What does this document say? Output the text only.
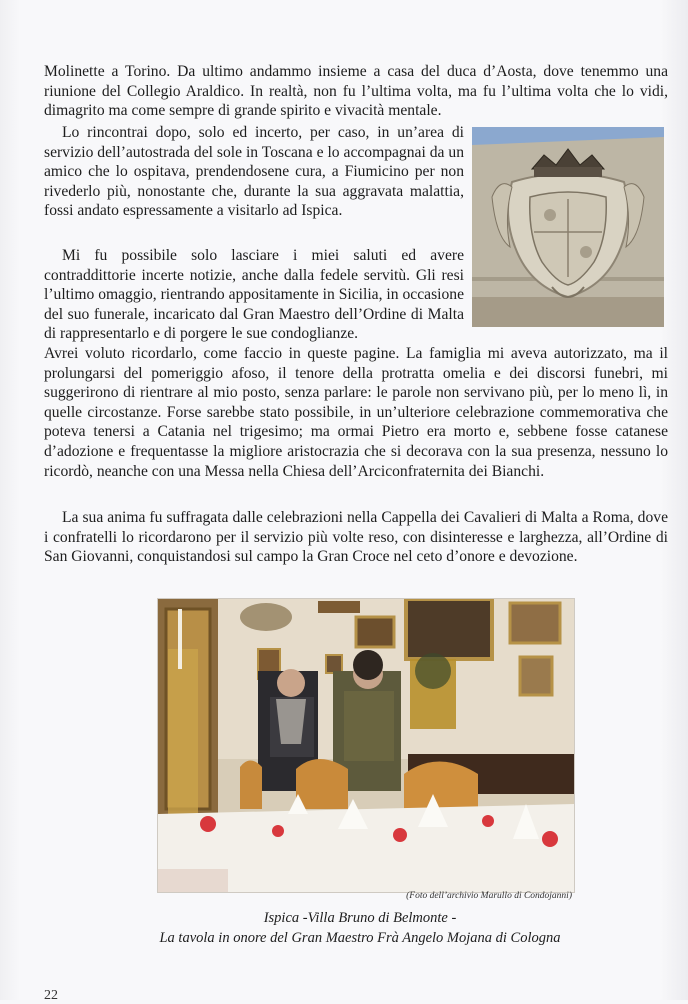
Molinette a Torino. Da ultimo andammo insieme a casa del duca d’Aosta, dove tenemmo una riunione del Collegio Araldico. In realtà, non fu l’ultima volta, ma fu l’ultima volta che lo vidi, dimagrito ma come sempre di grande spirito e vivacità mentale.

Lo rincontrai dopo, solo ed incerto, per caso, in un’area di servizio dell’autostrada del sole in Toscana e lo accompagnai da un amico che lo ospitava, prendendosene cura, a Fiumicino per non rivederlo più, nonostante che, durante la sua aggravata malattia, fossi andato espressamente a visitarlo ad Ispica.

Mi fu possibile solo lasciare i miei saluti ed avere contraddittorie incerte notizie, anche dalla fedele servitù. Gli resi l’ultimo omaggio, rientrando appositamente in Sicilia, in occasione del suo funerale, incaricato dal Gran Maestro dell’Ordine di Malta di rappresentarlo e di porgere le sue condoglianze.

Avrei voluto ricordarlo, come faccio in queste pagine. La famiglia mi aveva autorizzato, ma il prolungarsi del pomeriggio afoso, il tenore della protratta omelia e dei discorsi funebri, mi suggerirono di rientrare al mio posto, senza parlare: le parole non servivano più, per lo meno lì, in quelle circostanze. Forse sarebbe stato possibile, in un’ulteriore celebrazione commemorativa che poteva tenersi a Catania nel trigesimo; ma ormai Pietro era morto e, sebbene fosse catanese d’adozione e frequentasse la migliore aristocrazia che si decorava con la sua presenza, nessuno lo ricordò, neanche con una Messa nella Chiesa dell’Arciconfraternita dei Bianchi.

La sua anima fu suffragata dalle celebrazioni nella Cappella dei Cavalieri di Malta a Roma, dove i confratelli lo ricordarono per il servizio più volte reso, con disinteresse e larghezza, all’Ordine di San Giovanni, conquistandosi sul campo la Gran Croce nel ceto d’onore e devozione.

(Foto dell’archivio Marullo di Condojanni)
Ispica -Villa Bruno di Belmonte -
La tavola in onore del Gran Maestro Frà Angelo Mojana di Cologna
22
